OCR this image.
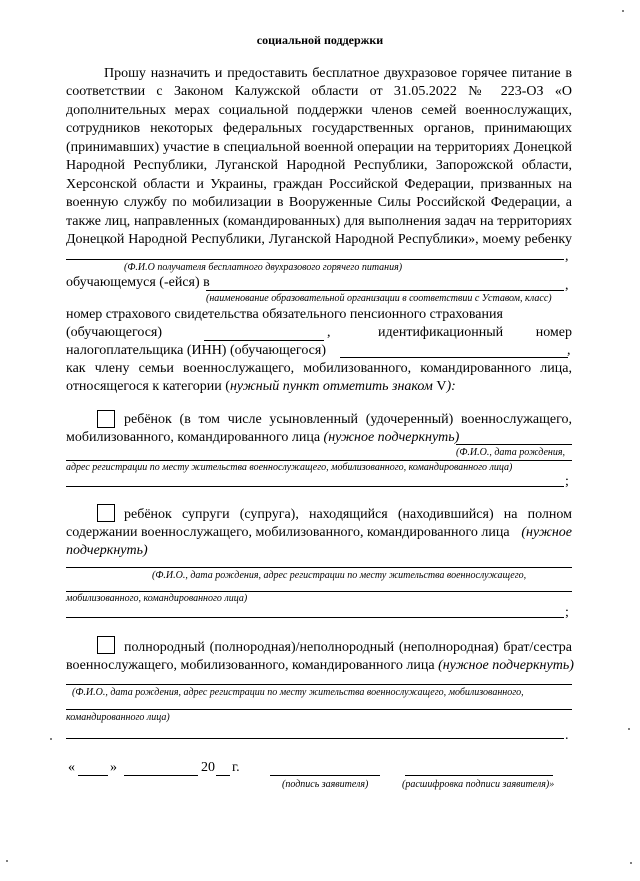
социальной поддержки
Прошу назначить и предоставить бесплатное двухразовое горячее питание в
соответствии с Законом Калужской области от 31.05.2022 № 223-ОЗ «О
дополнительных мерах социальной поддержки членов семей военнослужащих,
сотрудников некоторых федеральных государственных органов, принимающих
(принимавших) участие в специальной военной операции на территориях Донецкой
Народной Республики, Луганской Народной Республики, Запорожской области,
Херсонской области и Украины, граждан Российской Федерации, призванных на
военную службу по мобилизации в Вооруженные Силы Российской Федерации, а
также лиц, направленных (командированных) для выполнения задач на территориях
Донецкой Народной Республики, Луганской Народной Республики», моему ребенку
,
(Ф.И.О получателя бесплатного двухразового горячего питания)
обучающемуся (-ейся) в	,
(наименование образовательной организации в соответствии с Уставом, класс)
номер страхового свидетельства обязательного пенсионного страхования
(обучающегося)	,	идентификационный номер
налогоплательщика (ИНН) (обучающегося)	,
как члену семьи военнослужащего, мобилизованного, командированного лица,
относящегося к категории (нужный пункт отметить знаком V):
ребёнок (в том числе усыновленный (удочеренный) военнослужащего,
мобилизованного, командированного лица (нужное подчеркнуть)
(Ф.И.О., дата рождения,
адрес регистрации по месту жительства военнослужащего, мобилизованного, командированного лица)
;
ребёнок супруги (супруга), находящийся (находившийся) на полном
содержании военнослужащего, мобилизованного, командированного лица (нужное
подчеркнуть)
(Ф.И.О., дата рождения, адрес регистрации по месту жительства военнослужащего,
мобилизованного, командированного лица)
;
полнородный (полнородная)/неполнородный (неполнородная) брат/сестра
военнослужащего, мобилизованного, командированного лица (нужное подчеркнуть)
(Ф.И.О., дата рождения, адрес регистрации по месту жительства военнослужащего, мобилизованного,
командированного лица)
.
«	»	20 г.
(подпись заявителя)	(расшифровка подписи заявителя)»
